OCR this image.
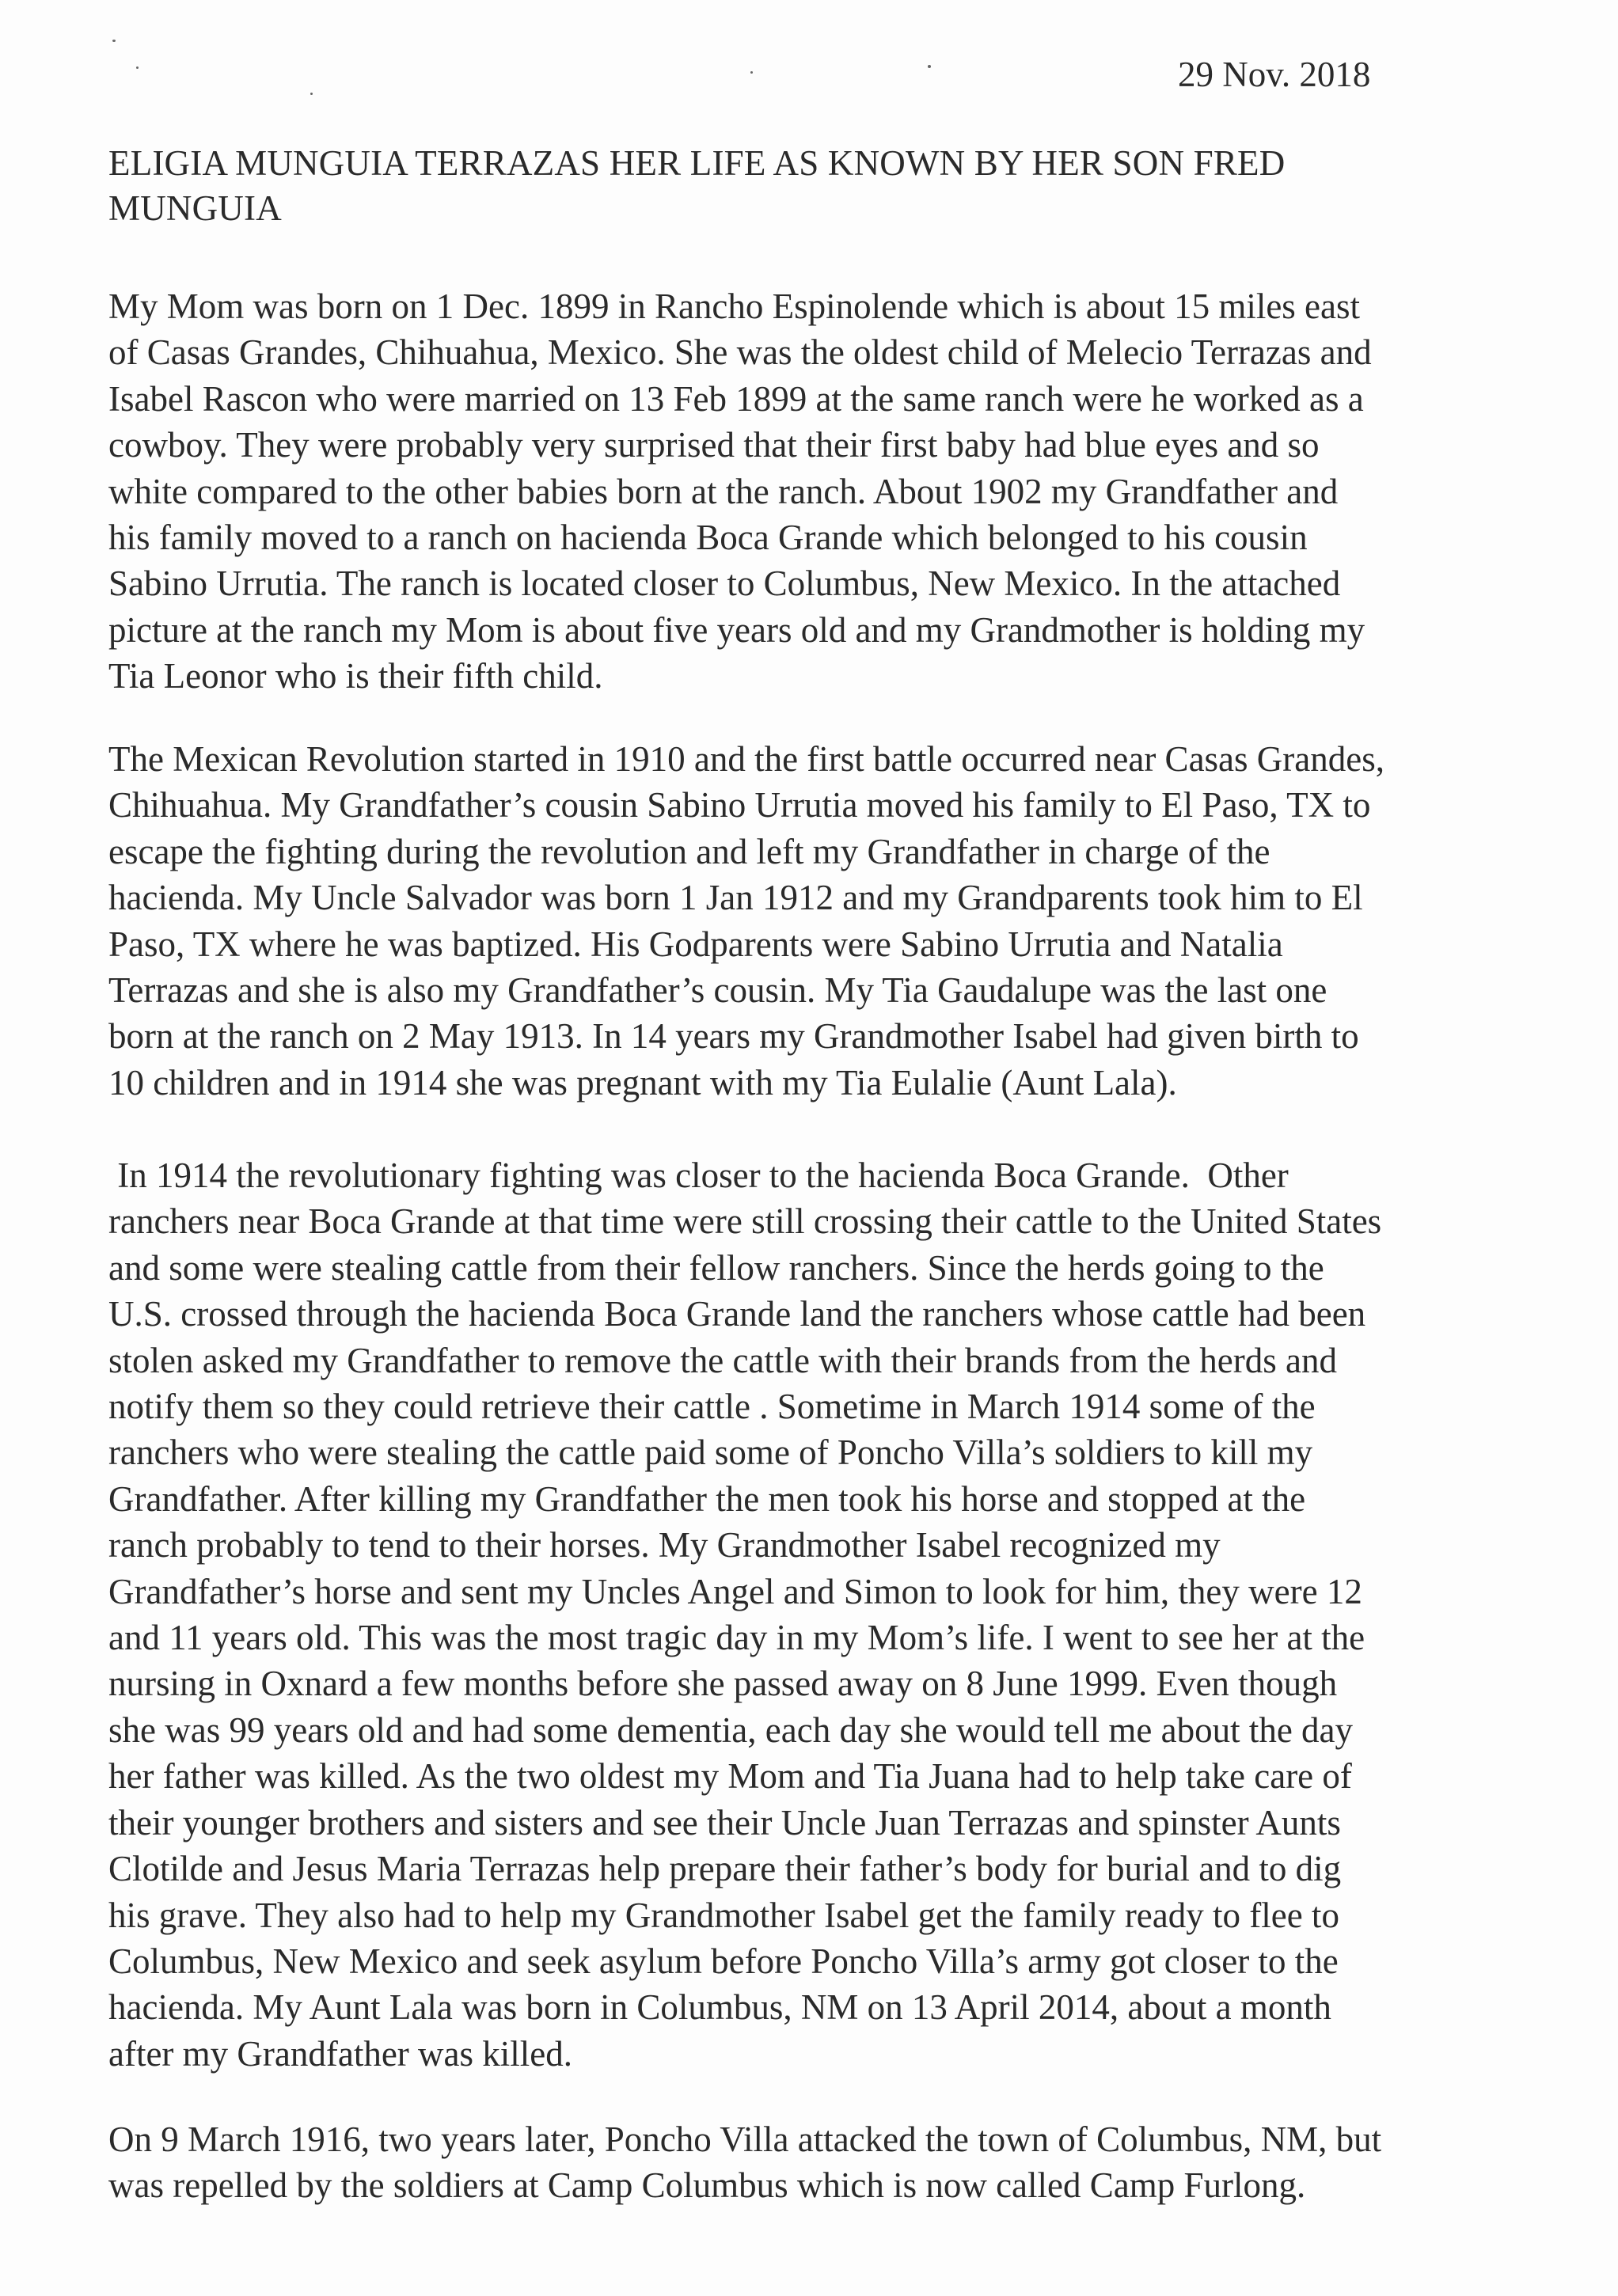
29 Nov. 2018
ELIGIA MUNGUIA TERRAZAS HER LIFE AS KNOWN BY HER SON FRED
MUNGUIA
My Mom was born on 1 Dec. 1899 in Rancho Espinolende which is about 15 miles east
of Casas Grandes, Chihuahua, Mexico. She was the oldest child of Melecio Terrazas and
Isabel Rascon who were married on 13 Feb 1899 at the same ranch were he worked as a
cowboy. They were probably very surprised that their first baby had blue eyes and so
white compared to the other babies born at the ranch. About 1902 my Grandfather and
his family moved to a ranch on hacienda Boca Grande which belonged to his cousin
Sabino Urrutia. The ranch is located closer to Columbus, New Mexico. In the attached
picture at the ranch my Mom is about five years old and my Grandmother is holding my
Tia Leonor who is their fifth child.
The Mexican Revolution started in 1910 and the first battle occurred near Casas Grandes,
Chihuahua. My Grandfather’s cousin Sabino Urrutia moved his family to El Paso, TX to
escape the fighting during the revolution and left my Grandfather in charge of the
hacienda. My Uncle Salvador was born 1 Jan 1912 and my Grandparents took him to El
Paso, TX where he was baptized. His Godparents were Sabino Urrutia and Natalia
Terrazas and she is also my Grandfather’s cousin. My Tia Gaudalupe was the last one
born at the ranch on 2 May 1913. In 14 years my Grandmother Isabel had given birth to
10 children and in 1914 she was pregnant with my Tia Eulalie (Aunt Lala).
In 1914 the revolutionary fighting was closer to the hacienda Boca Grande.  Other
ranchers near Boca Grande at that time were still crossing their cattle to the United States
and some were stealing cattle from their fellow ranchers. Since the herds going to the
U.S. crossed through the hacienda Boca Grande land the ranchers whose cattle had been
stolen asked my Grandfather to remove the cattle with their brands from the herds and
notify them so they could retrieve their cattle . Sometime in March 1914 some of the
ranchers who were stealing the cattle paid some of Poncho Villa’s soldiers to kill my
Grandfather. After killing my Grandfather the men took his horse and stopped at the
ranch probably to tend to their horses. My Grandmother Isabel recognized my
Grandfather’s horse and sent my Uncles Angel and Simon to look for him, they were 12
and 11 years old. This was the most tragic day in my Mom’s life. I went to see her at the
nursing in Oxnard a few months before she passed away on 8 June 1999. Even though
she was 99 years old and had some dementia, each day she would tell me about the day
her father was killed. As the two oldest my Mom and Tia Juana had to help take care of
their younger brothers and sisters and see their Uncle Juan Terrazas and spinster Aunts
Clotilde and Jesus Maria Terrazas help prepare their father’s body for burial and to dig
his grave. They also had to help my Grandmother Isabel get the family ready to flee to
Columbus, New Mexico and seek asylum before Poncho Villa’s army got closer to the
hacienda. My Aunt Lala was born in Columbus, NM on 13 April 2014, about a month
after my Grandfather was killed.
On 9 March 1916, two years later, Poncho Villa attacked the town of Columbus, NM, but
was repelled by the soldiers at Camp Columbus which is now called Camp Furlong.
